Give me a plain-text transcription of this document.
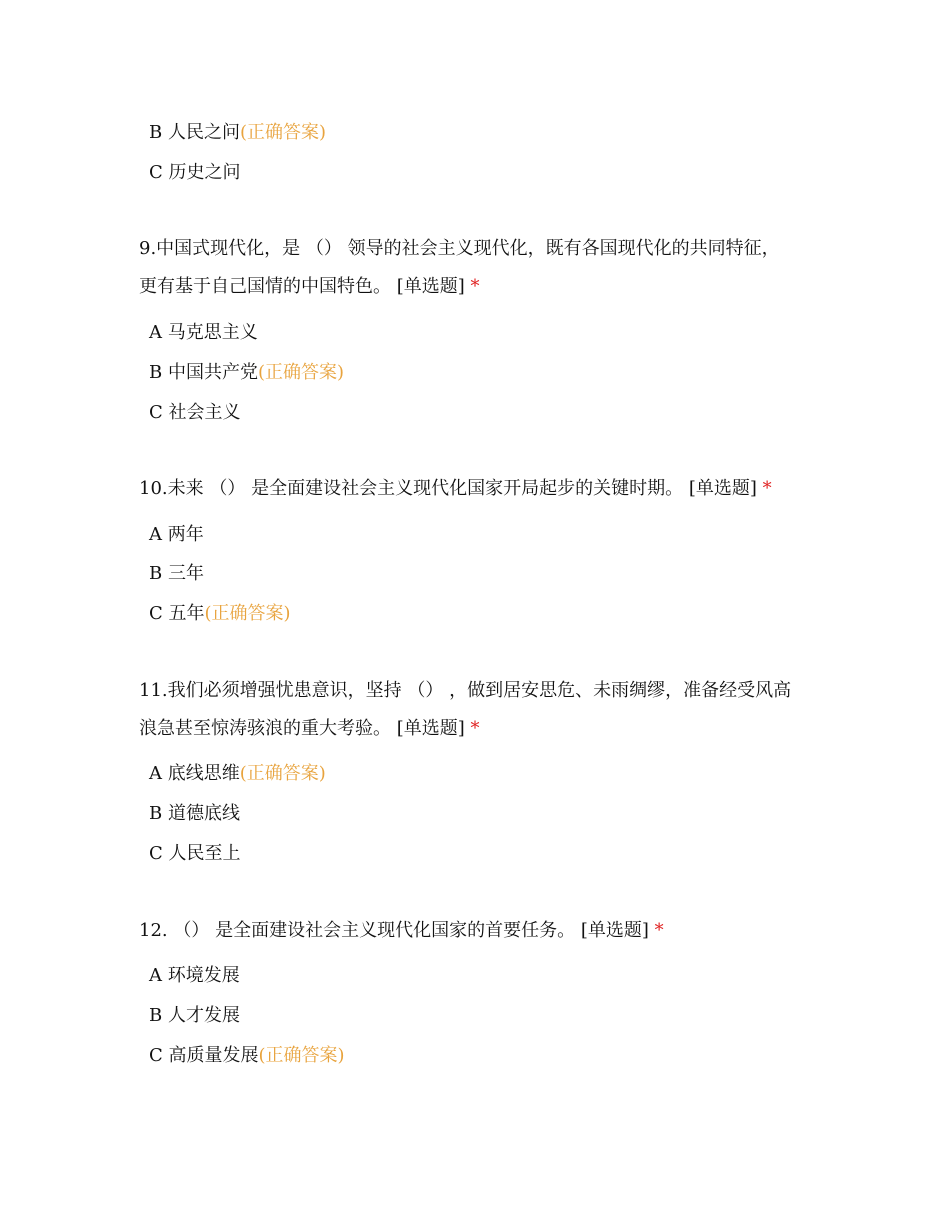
B 人民之问(正确答案)
C 历史之问
9.中国式现代化，是 （） 领导的社会主义现代化，既有各国现代化的共同特征，
更有基于自己国情的中国特色。 [单选题] *
A 马克思主义
B 中国共产党(正确答案)
C 社会主义
10.未来 （） 是全面建设社会主义现代化国家开局起步的关键时期。 [单选题] *
A 两年
B 三年
C 五年(正确答案)
11.我们必须增强忧患意识，坚持 （） ，做到居安思危、未雨绸缪，准备经受风高
浪急甚至惊涛骇浪的重大考验。 [单选题] *
A 底线思维(正确答案)
B 道德底线
C 人民至上
12. （） 是全面建设社会主义现代化国家的首要任务。 [单选题] *
A 环境发展
B 人才发展
C 高质量发展(正确答案)
